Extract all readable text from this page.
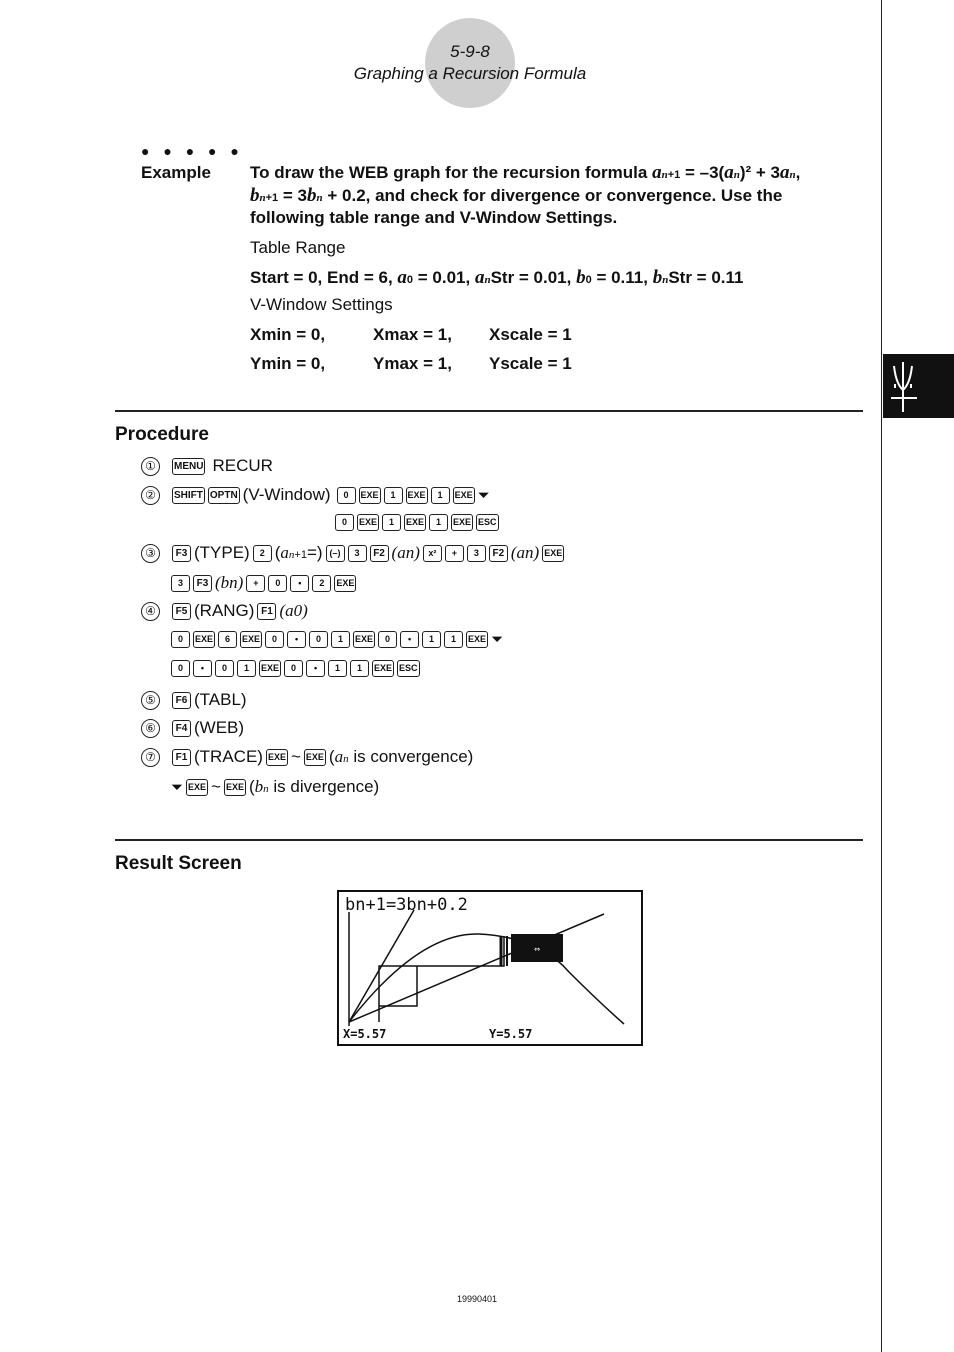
5-9-8
Graphing a Recursion Formula
● ● ● ● ●
Example To draw the WEB graph for the recursion formula an+1 = –3(an)² + 3an,
bn+1 = 3bn + 0.2, and check for divergence or convergence. Use the
following table range and V-Window Settings.
Table Range
Start = 0, End = 6, a0 = 0.01, anStr = 0.01, b0 = 0.11, bnStr = 0.11
V-Window Settings
Xmin = 0,	Xmax = 1, Xscale = 1
Ymin = 0,	Ymax = 1, Yscale = 1
Procedure
①	MENU RECUR
②	SHIFT OPTN (V-Window)	0	EXE	1	EXE	1	EXE ⏷
0	EXE	1	EXE	1	EXE ESC
③	F3 (TYPE)	2 (an+1=) (–)	3	F2 (an) x²	+	3	F2 (an) EXE
3	F3 (bn)	+	0	•	2	EXE
④	F5 (RANG) F1 (a0)
0	EXE	6	EXE	0	•	0	1	EXE	0	•	1	1	EXE ⏷
0	•	0	1	EXE	0	•	1	1	EXE ESC
⑤	F6 (TABL)
⑥	F4 (WEB)
⑦	F1 (TRACE) EXE ~ EXE (an is convergence)
⏷ EXE ~ EXE (bn is divergence)
Result Screen
⇔
bn+1=3bn+0.2
X=5.57	Y=5.57
19990401
